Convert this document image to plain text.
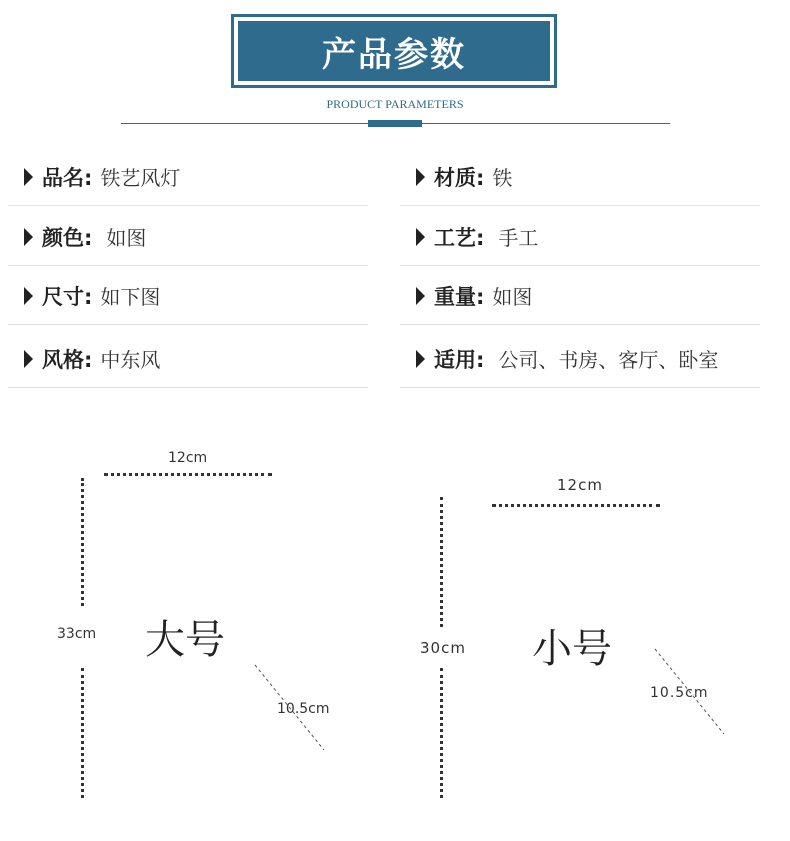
产品参数
PRODUCT PARAMETERS
品名: 铁艺风灯
颜色: 如图
尺寸: 如下图
风格: 中东风
材质: 铁
工艺: 手工
重量: 如图
适用: 公司、书房、客厅、卧室
12cm
33cm 大号
10.5cm
12cm
30cm 小号
10.5cm
